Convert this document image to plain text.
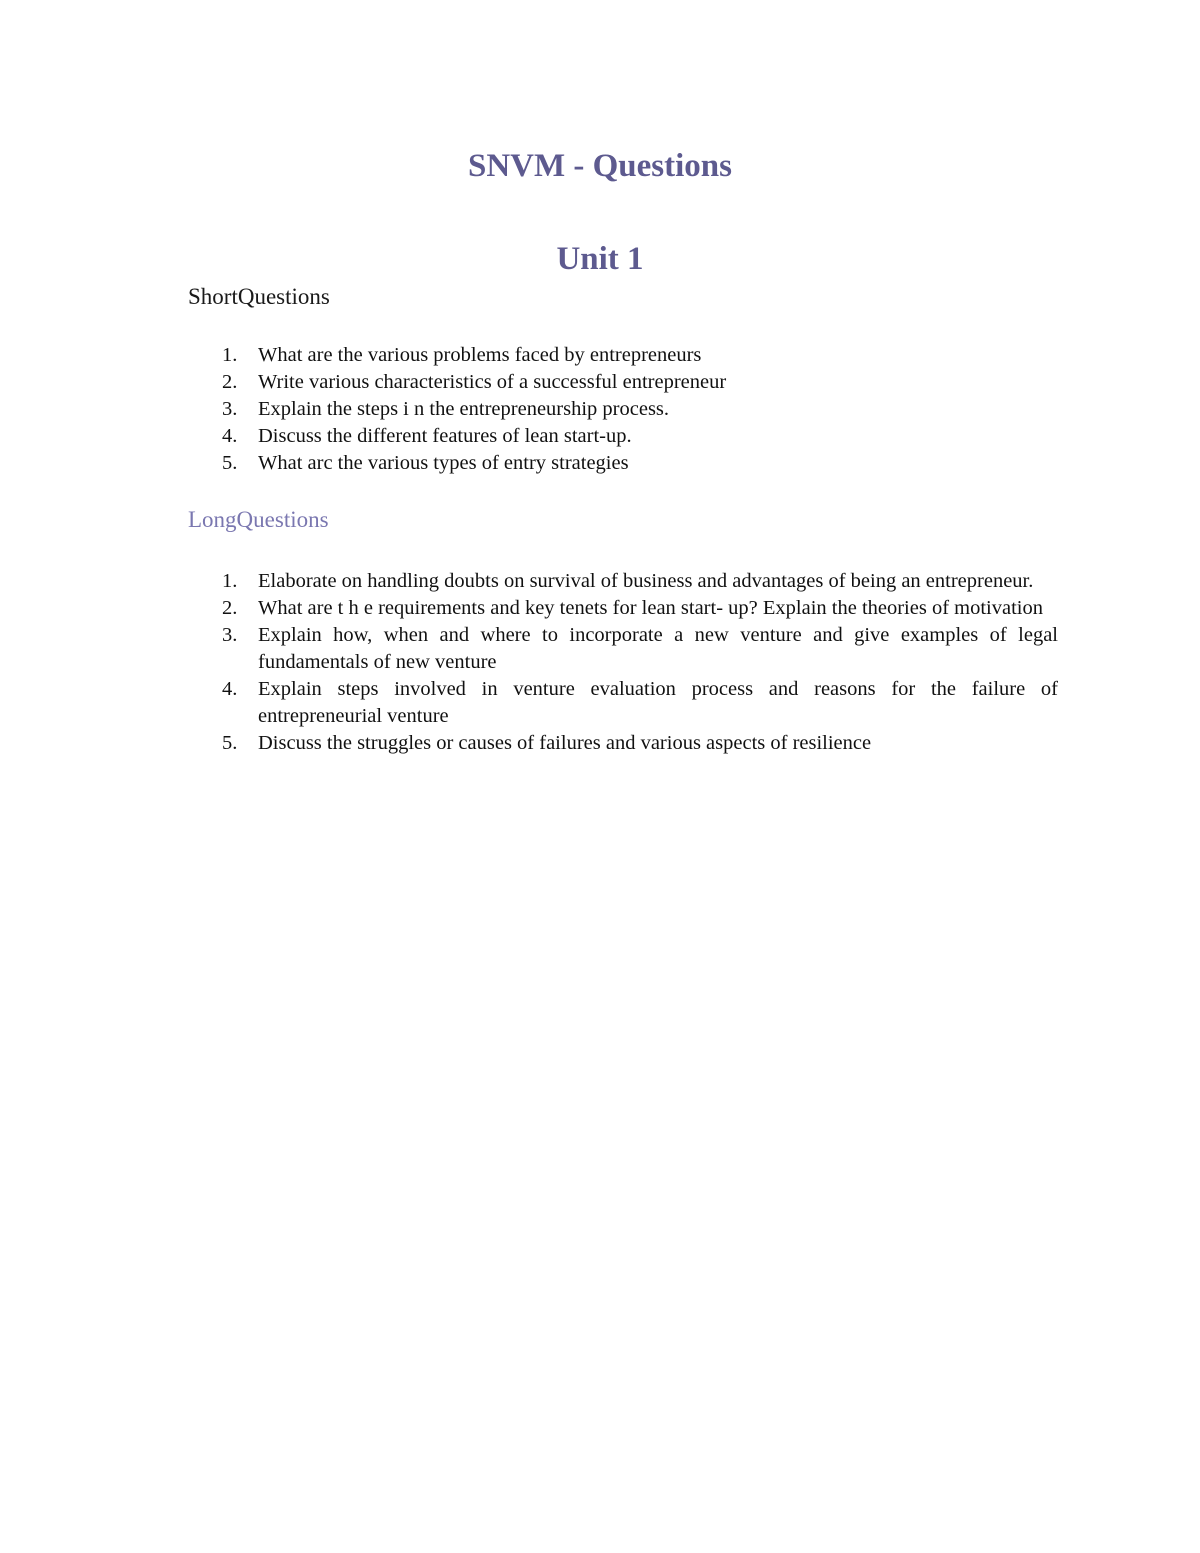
SNVM - Questions
Unit 1
ShortQuestions
1. What are the various problems faced by entrepreneurs
2. Write various characteristics of a successful entrepreneur
3. Explain the steps i n the entrepreneurship process.
4. Discuss the different features of lean start-up.
5. What arc the various types of entry strategies
LongQuestions
1. Elaborate on handling doubts on survival of business and advantages of being an entrepreneur.
2. What are t h e requirements and key tenets for lean start- up? Explain the theories of motivation
3. Explain how, when and where to incorporate a new venture and give examples of legal fundamentals of new venture
4. Explain steps involved in venture evaluation process and reasons for the failure of entrepreneurial venture
5. Discuss the struggles or causes of failures and various aspects of resilience
